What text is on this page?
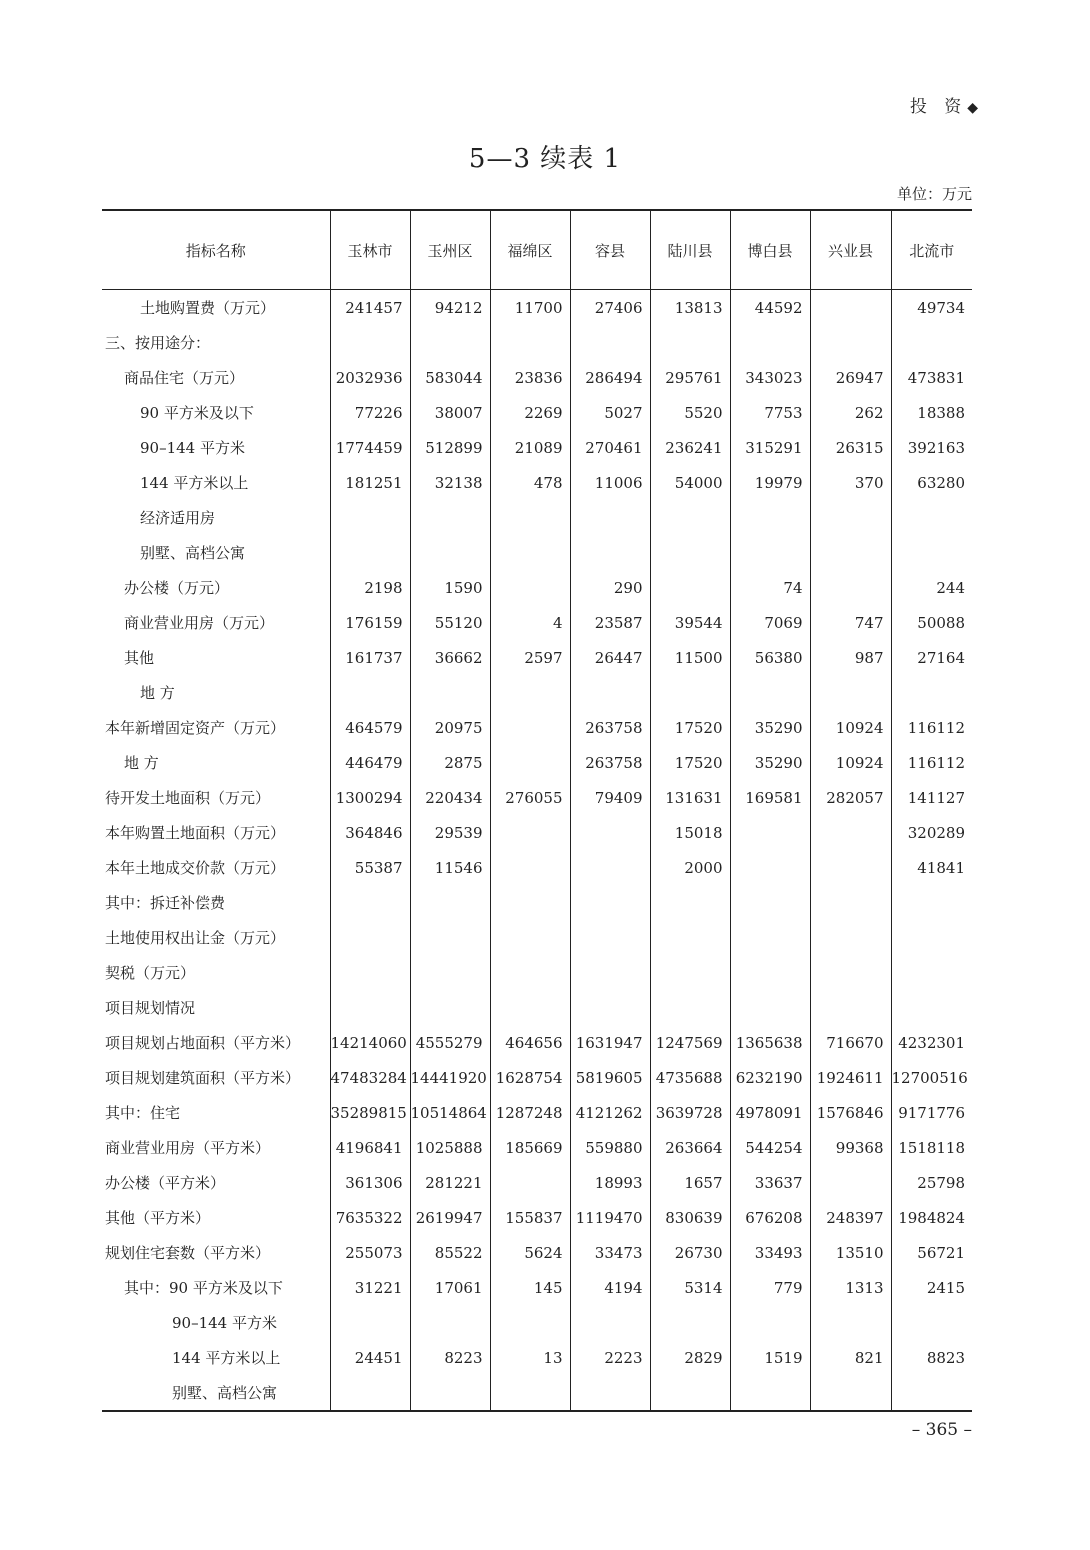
投 资◆
5—3 续表 1
单位：万元
指标名称	玉林市	玉州区	福绵区	容县	陆川县	博白县	兴业县	北流市
土地购置费（万元）	241457	94212	11700	27406	13813	44592		49734
三、按用途分：								
商品住宅（万元）	2032936	583044	23836	286494	295761	343023	26947	473831
90 平方米及以下	77226	38007	2269	5027	5520	7753	262	18388
90–144 平方米	1774459	512899	21089	270461	236241	315291	26315	392163
144 平方米以上	181251	32138	478	11006	54000	19979	370	63280
经济适用房								
别墅、高档公寓								
办公楼（万元）	2198	1590		290		74		244
商业营业用房（万元）	176159	55120	4	23587	39544	7069	747	50088
其他	161737	36662	2597	26447	11500	56380	987	27164
地 方								
本年新增固定资产（万元）	464579	20975		263758	17520	35290	10924	116112
地 方	446479	2875		263758	17520	35290	10924	116112
待开发土地面积（万元）	1300294	220434	276055	79409	131631	169581	282057	141127
本年购置土地面积（万元）	364846	29539			15018			320289
本年土地成交价款（万元）	55387	11546			2000			41841
其中：拆迁补偿费								
土地使用权出让金（万元）								
契税（万元）								
项目规划情况								
项目规划占地面积（平方米）	14214060	4555279	464656	1631947	1247569	1365638	716670	4232301
项目规划建筑面积（平方米）	47483284	14441920	1628754	5819605	4735688	6232190	1924611	12700516
其中：住宅	35289815	10514864	1287248	4121262	3639728	4978091	1576846	9171776
商业营业用房（平方米）	4196841	1025888	185669	559880	263664	544254	99368	1518118
办公楼（平方米）	361306	281221		18993	1657	33637		25798
其他（平方米）	7635322	2619947	155837	1119470	830639	676208	248397	1984824
规划住宅套数（平方米）	255073	85522	5624	33473	26730	33493	13510	56721
其中：90 平方米及以下	31221	17061	145	4194	5314	779	1313	2415
90–144 平方米								
144 平方米以上	24451	8223	13	2223	2829	1519	821	8823
别墅、高档公寓								
– 365 –
